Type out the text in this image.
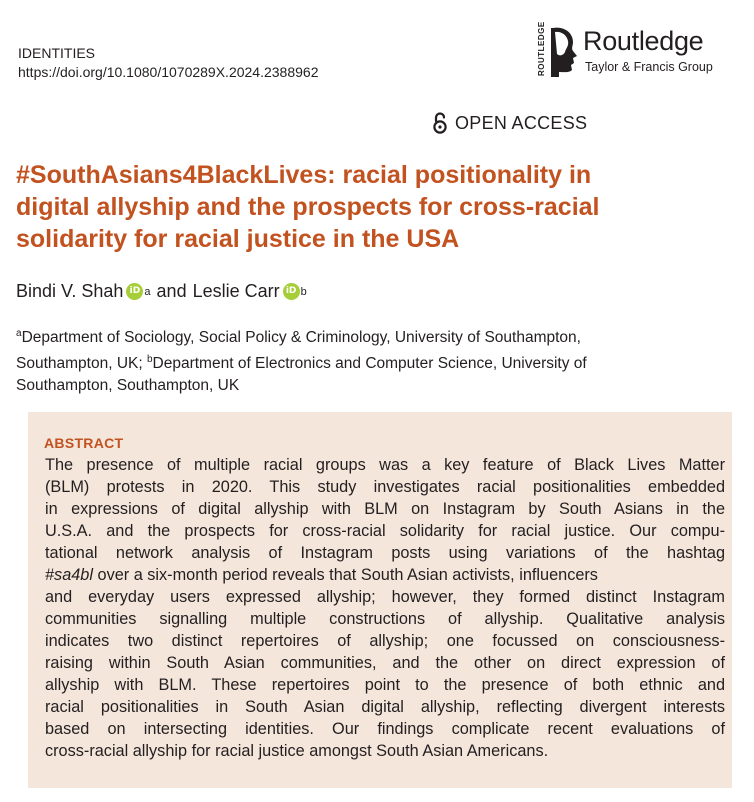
IDENTITIES
https://doi.org/10.1080/1070289X.2024.2388962	ROUTLEDGE Routledge
Taylor & Francis Group
OPEN ACCESS
#SouthAsians4BlackLives: racial positionality in
digital allyship and the prospects for cross-racial
solidarity for racial justice in the USA
Bindi V. Shah iD a and Leslie Carr iD b
$^a$Department of Sociology, Social Policy & Criminology, University of Southampton,
Southampton, UK; $^b$Department of Electronics and Computer Science, University of
Southampton, Southampton, UK
ABSTRACT
The presence of multiple racial groups was a key feature of Black Lives Matter
(BLM) protests in 2020. This study investigates racial positionalities embedded
in expressions of digital allyship with BLM on Instagram by South Asians in the
U.S.A. and the prospects for cross-racial solidarity for racial justice. Our compu-
tational network analysis of Instagram posts using variations of the hashtag
#sa4bl over a six-month period reveals that South Asian activists, influencers
and everyday users expressed allyship; however, they formed distinct Instagram
communities signalling multiple constructions of allyship. Qualitative analysis
indicates two distinct repertoires of allyship; one focussed on consciousness-
raising within South Asian communities, and the other on direct expression of
allyship with BLM. These repertoires point to the presence of both ethnic and
racial positionalities in South Asian digital allyship, reflecting divergent interests
based on intersecting identities. Our findings complicate recent evaluations of
cross-racial allyship for racial justice amongst South Asian Americans.
